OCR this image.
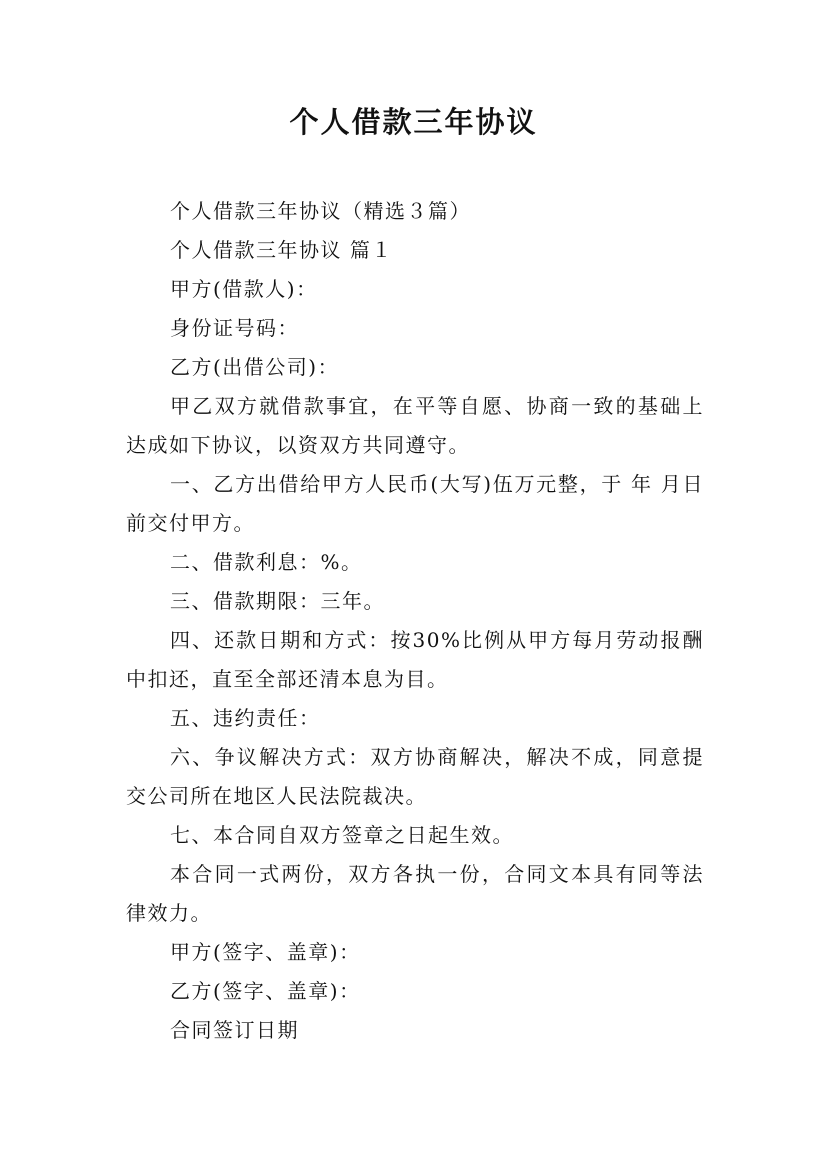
个人借款三年协议

个人借款三年协议（精选３篇）

个人借款三年协议 篇１

甲方(借款人)：

身份证号码：

乙方(出借公司)：

甲乙双方就借款事宜，在平等自愿、协商一致的基础上达成如下协议，以资双方共同遵守。

一、乙方出借给甲方人民币(大写)伍万元整，于 年 月日前交付甲方。

二、借款利息：%。

三、借款期限：三年。

四、还款日期和方式：按30%比例从甲方每月劳动报酬中扣还，直至全部还清本息为目。

五、违约责任：

六、争议解决方式：双方协商解决，解决不成，同意提交公司所在地区人民法院裁决。

七、本合同自双方签章之日起生效。

本合同一式两份，双方各执一份，合同文本具有同等法律效力。

甲方(签字、盖章)：

乙方(签字、盖章)：

合同签订日期
